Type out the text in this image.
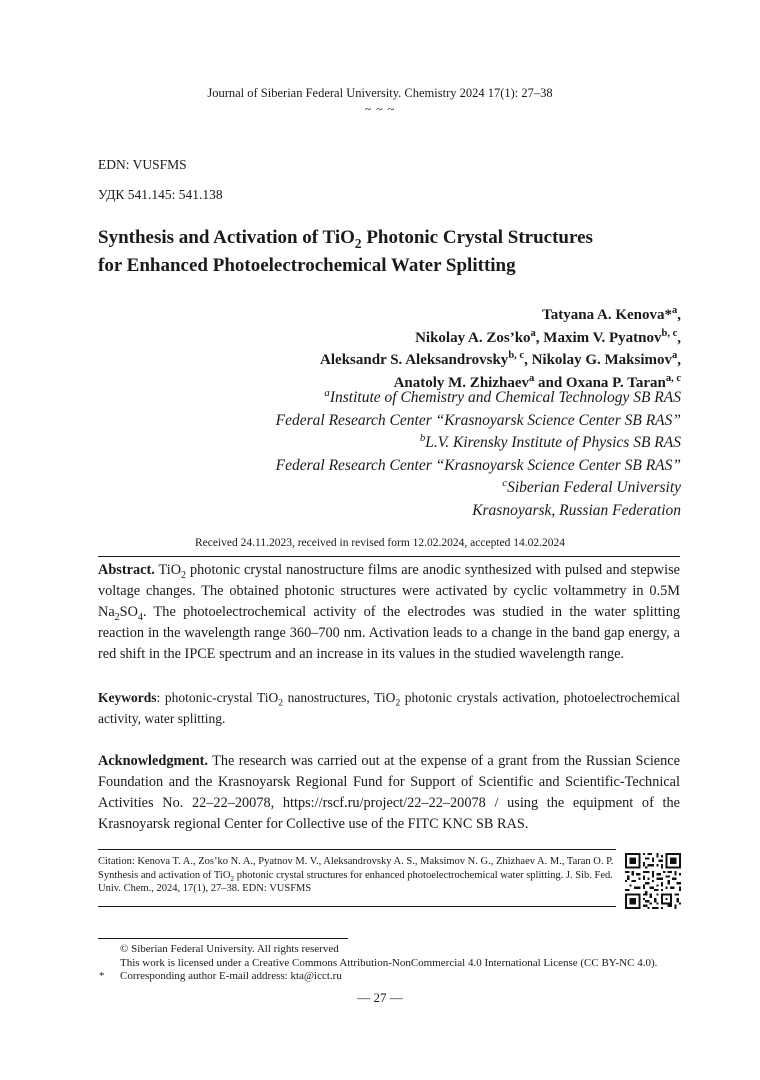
Journal of Siberian Federal University. Chemistry 2024 17(1): 27–38
~ ~ ~
EDN: VUSFMS
УДК 541.145: 541.138
Synthesis and Activation of TiO$_2$ Photonic Crystal Structures
for Enhanced Photoelectrochemical Water Splitting
Tatyana A. Kenova*$^a$,
Nikolay A. $Zos’ko^a$, Maxim V. Pyatnov$^{b, c}$,
Aleksandr S. Aleksandrovsky$^{b, c}$, Nikolay G. Maksimov$^a$,
Anatoly M. Zhizhaev$^a$ and Oxana P. Taran$^{a, c}$
$^a$Institute of Chemistry and Chemical Technology SB RAS
Federal Research Center “Krasnoyarsk Science Center SB RAS”
$^b$L.V. Kirensky Institute of Physics SB RAS
Federal Research Center “Krasnoyarsk Science Center SB RAS”
$^c$Siberian Federal University
Krasnoyarsk, Russian Federation
Received 24.11.2023, received in revised form 12.02.2024, accepted 14.02.2024
Abstract. TiO$_2$ photonic crystal nanostructure films are anodic synthesized with pulsed and stepwise voltage changes. The obtained photonic structures were activated by cyclic voltammetry in 0.5M $Na_2SO_4$. The photoelectrochemical activity of the electrodes was studied in the water splitting reaction in the wavelength range 360–700 nm. Activation leads to a change in the band gap energy, a red shift in the IPCE spectrum and an increase in its values in the studied wavelength range.
Keywords: photonic-crystal TiO$_2$ nanostructures, TiO$_2$ photonic crystals activation, photoelectrochemical activity, water splitting.
Acknowledgment. The research was carried out at the expense of a grant from the Russian Science Foundation and the Krasnoyarsk Regional Fund for Support of Scientific and Scientific-Technical Activities No. 22–22–20078, https://rscf.ru/project/22–22–20078 / using the equipment of the Krasnoyarsk regional Center for Collective use of the FITC KNC SB RAS.
Citation: Kenova T. A., Zos’ko N. A., Pyatnov M. V., Aleksandrovsky A. S., Maksimov N. G., Zhizhaev A. M., Taran O. P. Synthesis and activation of TiO$_2$ photonic crystal structures for enhanced photoelectrochemical water splitting. J. Sib. Fed. Univ. Chem., 2024, 17(1), 27–38. EDN: VUSFMS
© Siberian Federal University. All rights reserved
This work is licensed under a Creative Commons Attribution-NonCommercial 4.0 International License (CC BY-NC 4.0).
Corresponding author E-mail address: kta@icct.ru
*
— 27 —
